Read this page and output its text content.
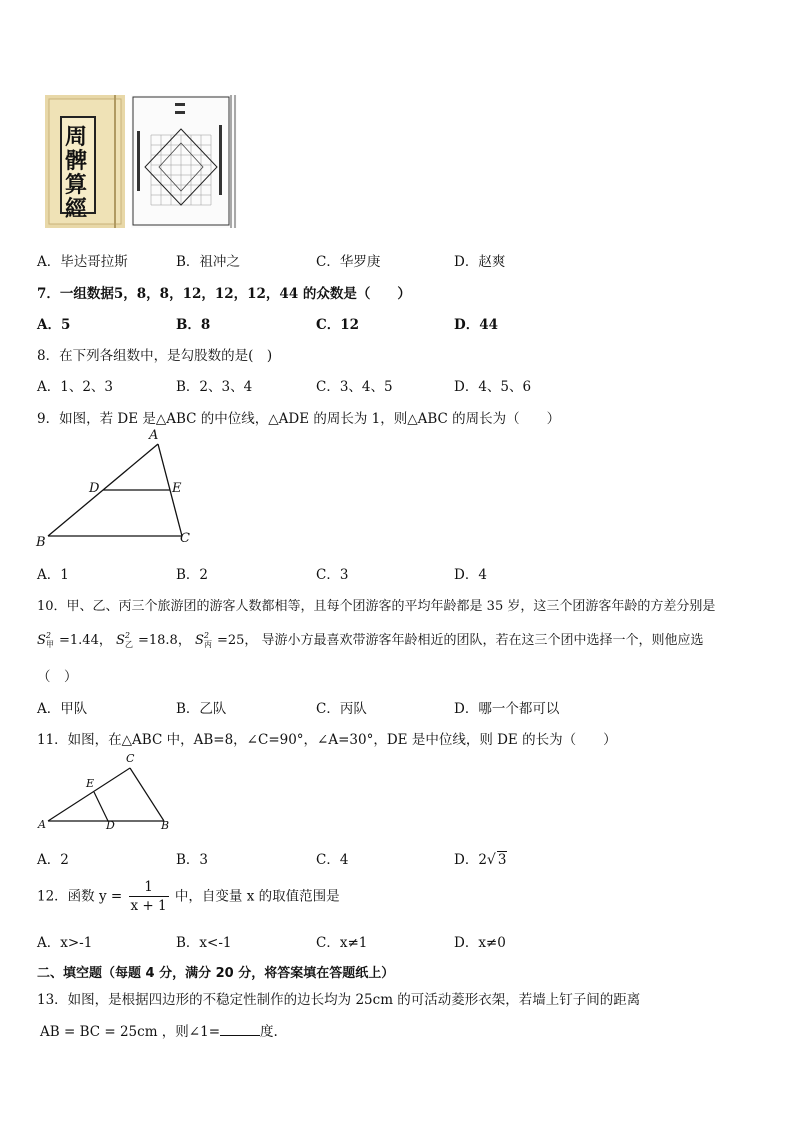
周髀算經
A．毕达哥拉斯	B．祖冲之	C．华罗庚	D．赵爽
7．一组数据5，8，8，12，12，12，44 的众数是（　　）
A．5	B．8	C．12	D．44
8．在下列各组数中，是勾股数的是(　)
A．1、2、3	B．2、3、4	C．3、4、5	D．4、5、6
9．如图，若 DE 是△ABC 的中位线，△ADE 的周长为 1，则△ABC 的周长为（　　）
A
D	E
B	C
A．1	B．2	C．3	D．4
10．甲、乙、丙三个旅游团的游客人数都相等，且每个团游客的平均年龄都是 35 岁，这三个团游客年龄的方差分别是
$S^2_甲 =1.44$， $S^2_乙 =18.8$， $S^2_丙 =25$， 导游小方最喜欢带游客年龄相近的团队，若在这三个团中选择一个，则他应选
（　）
A．甲队	B．乙队	C．丙队	D．哪一个都可以
11．如图，在△ABC 中，AB=8，∠C=90°，∠A=30°，DE 是中位线，则 DE 的长为（　　）
C
E
A	D	B
A．2	B．3	C．4	D．2√ 3
12．函数 $y = \frac{1}{x + 1}$ 中，自变量 x 的取值范围是
A．x>-1	B．x<-1	C．x≠1	D．x≠0
二、填空题（每题 4 分，满分 20 分，将答案填在答题纸上）
13．如图，是根据四边形的不稳定性制作的边长均为 25cm 的可活动菱形衣架，若墙上钉子间的距离
AB = BC = 25cm ，则∠1=	度.
